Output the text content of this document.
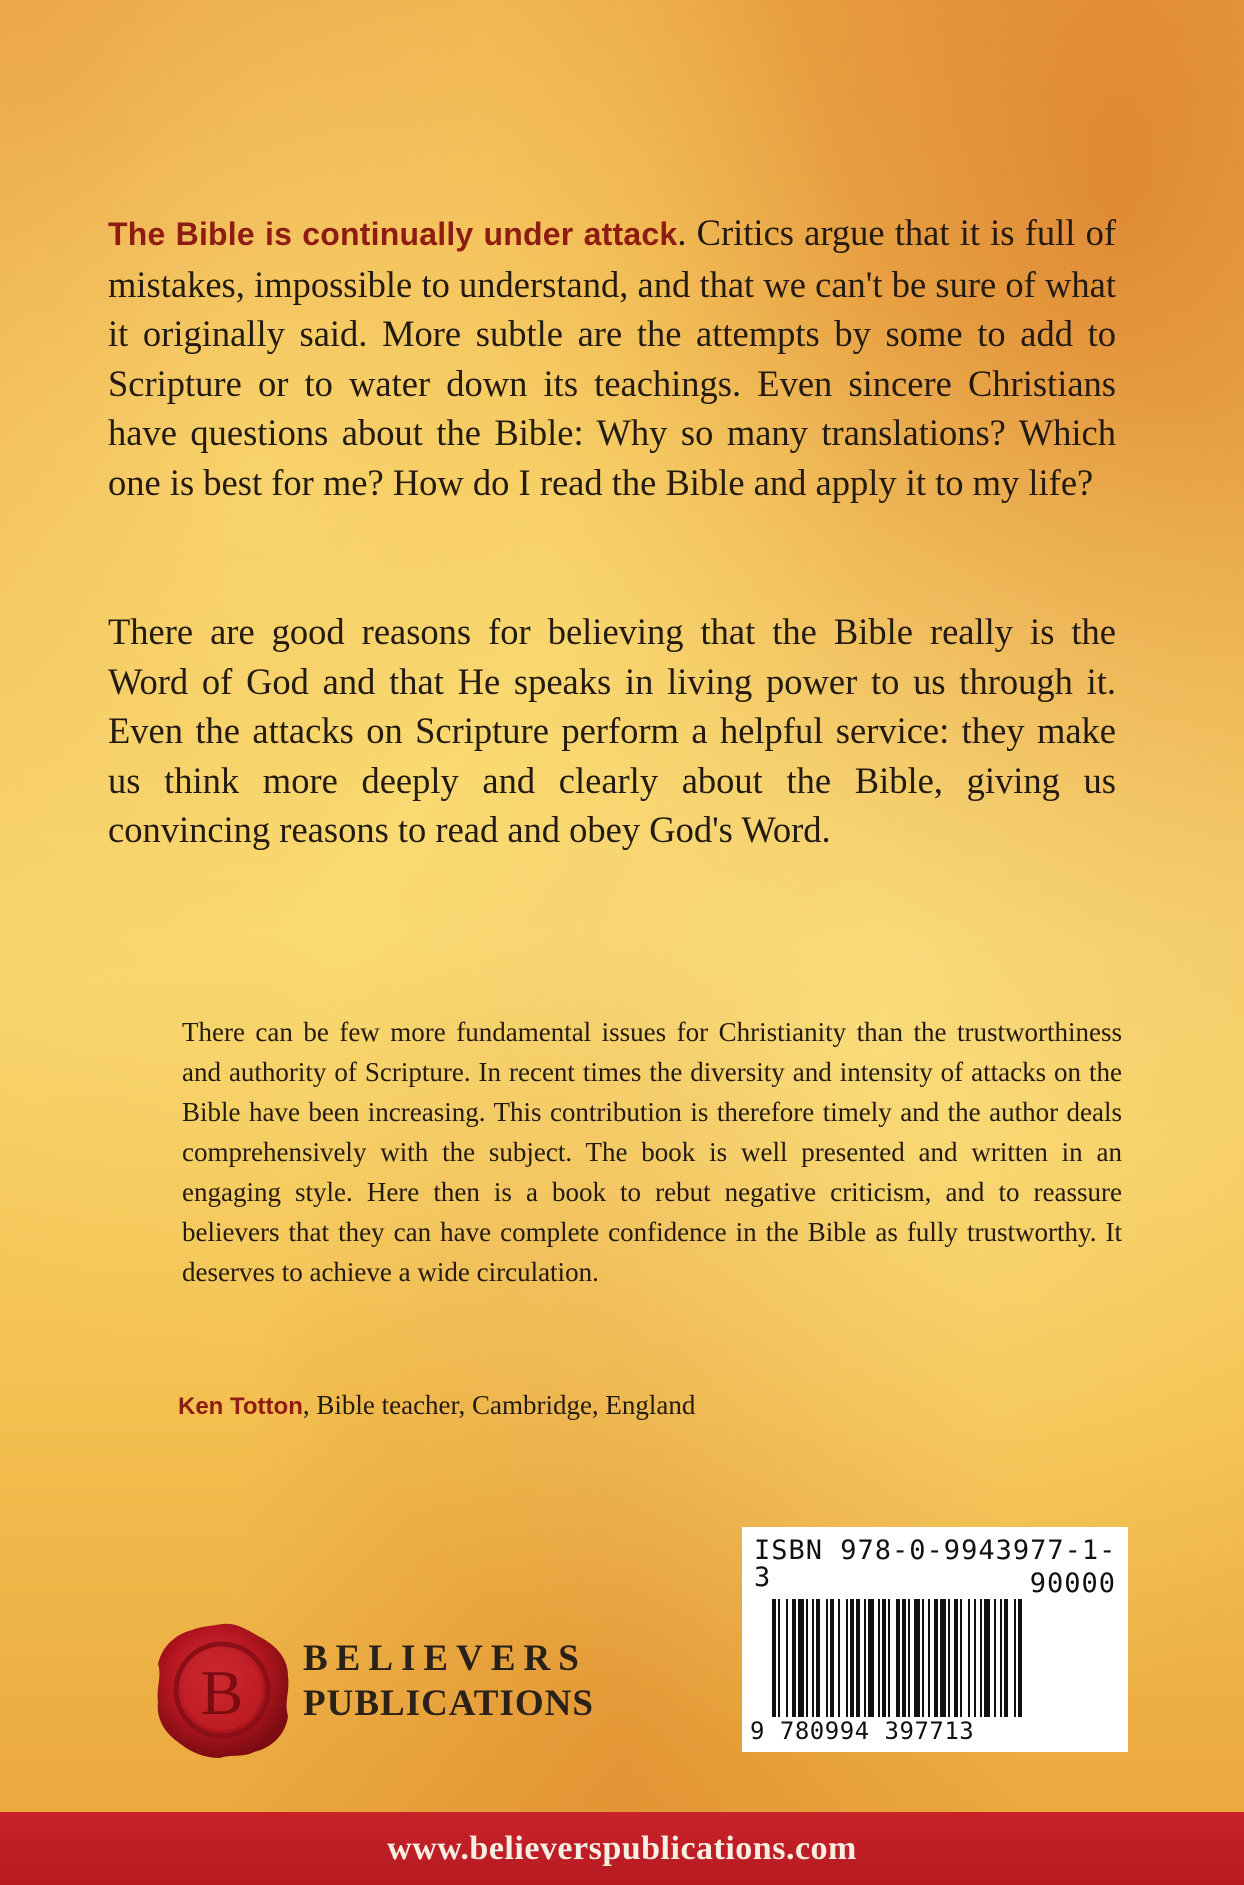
The Bible is continually under attack. Critics argue that it is full of mistakes, impossible to understand, and that we can't be sure of what it originally said. More subtle are the attempts by some to add to Scripture or to water down its teachings. Even sincere Christians have questions about the Bible: Why so many translations? Which one is best for me? How do I read the Bible and apply it to my life?

There are good reasons for believing that the Bible really is the Word of God and that He speaks in living power to us through it. Even the attacks on Scripture perform a helpful service: they make us think more deeply and clearly about the Bible, giving us convincing reasons to read and obey God's Word.

There can be few more fundamental issues for Christianity than the trustworthiness and authority of Scripture. In recent times the diversity and intensity of attacks on the Bible have been increasing. This contribution is therefore timely and the author deals comprehensively with the subject. The book is well presented and written in an engaging style. Here then is a book to rebut negative criticism, and to reassure believers that they can have complete confidence in the Bible as fully trustworthy. It deserves to achieve a wide circulation.

Ken Totton, Bible teacher, Cambridge, England

B BELIEVERS
PUBLICATIONS

ISBN 978-0-9943977-1-3	90000

9 780994 397713

www.believerspublications.com
